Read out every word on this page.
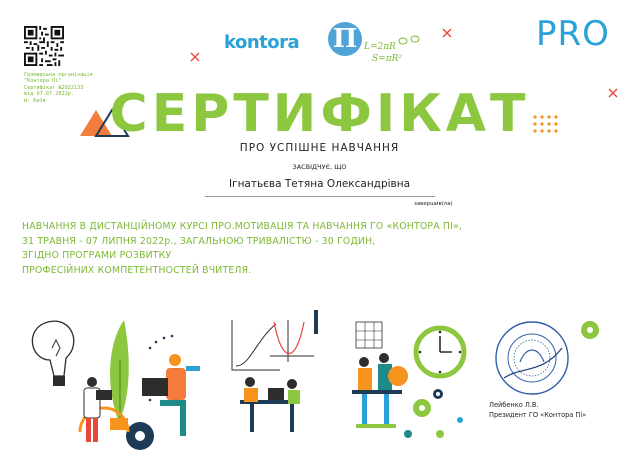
Громадська організація
"Контора Пі"
Сертифікат №2022133
від 07.07.2022р.
м. Київ
kontora П L=2πR
S=πR²
PRO
СЕРТИФІКАТ
ПРО УСПІШНЕ НАВЧАННЯ
ЗАСВІДЧУЄ, ЩО
Ігнатьєва Тетяна Олександрівна
завершив(ла)
НАВЧАННЯ В ДИСТАНЦІЙНОМУ КУРСІ ПРО.МОТИВАЦІЯ ТА НАВЧАННЯ ГО «КОНТОРА ПІ»,
31 ТРАВНЯ - 07 ЛИПНЯ 2022р., ЗАГАЛЬНОЮ ТРИВАЛІСТЮ - 30 ГОДИН,
ЗГІДНО ПРОГРАМИ РОЗВИТКУ
ПРОФЕСІЙНИХ КОМПЕТЕНТНОСТЕЙ ВЧИТЕЛЯ.
Лейбенко Л.В.
Президент ГО «Контора Пі»
